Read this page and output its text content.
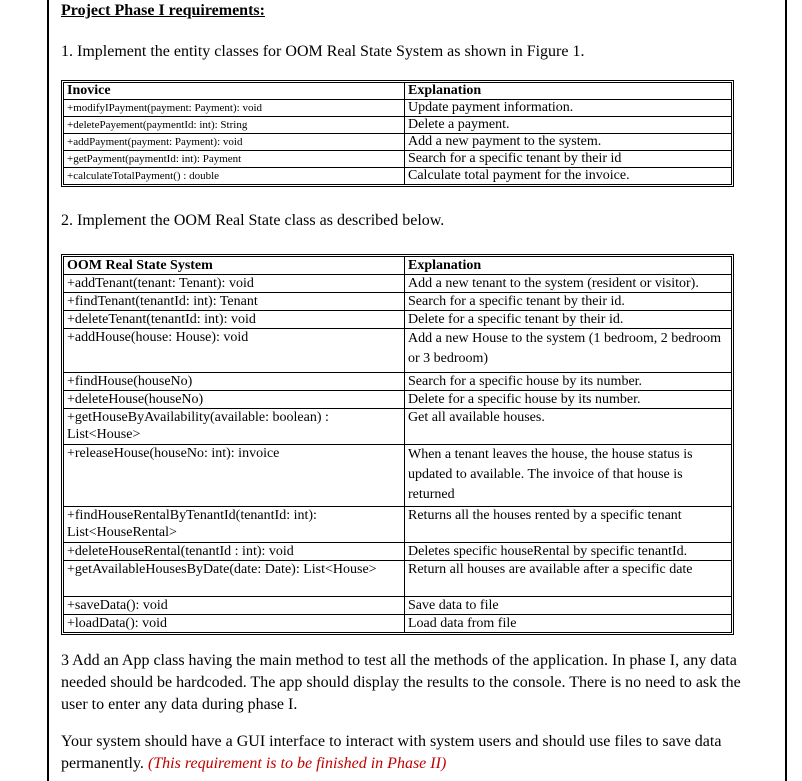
Project Phase I requirements:
1. Implement the entity classes for OOM Real State System as shown in Figure 1.
Inovice	Explanation
+modifyIPayment(payment: Payment): void	Update payment information.
+deletePayement(paymentId: int): String	Delete a payment.
+addPayment(payment: Payment): void	Add a new payment to the system.
+getPayment(paymentId: int): Payment	Search for a specific tenant by their id
+calculateTotalPayment() : double	Calculate total payment for the invoice.
2. Implement the OOM Real State class as described below.
OOM Real State System	Explanation
+addTenant(tenant: Tenant): void	Add a new tenant to the system (resident or visitor).
+findTenant(tenantId: int): Tenant	Search for a specific tenant by their id.
+deleteTenant(tenantId: int): void	Delete for a specific tenant by their id.
+addHouse(house: House): void	Add a new House to the system (1 bedroom, 2 bedroom or 3 bedroom)
+findHouse(houseNo)	Search for a specific house by its number.
+deleteHouse(houseNo)	Delete for a specific house by its number.
+getHouseByAvailability(available: boolean) : List<House>	Get all available houses.
+releaseHouse(houseNo: int): invoice	When a tenant leaves the house, the house status is updated to available. The invoice of that house is returned
+findHouseRentalByTenantId(tenantId: int): List<HouseRental>	Returns all the houses rented by a specific tenant
+deleteHouseRental(tenantId : int): void	Deletes specific houseRental by specific tenantId.
+getAvailableHousesByDate(date: Date): List<House>	Return all houses are available after a specific date
+saveData(): void	Save data to file
+loadData(): void	Load data from file
3 Add an App class having the main method to test all the methods of the application. In phase I, any data needed should be hardcoded. The app should display the results to the console. There is no need to ask the user to enter any data during phase I.
Your system should have a GUI interface to interact with system users and should use files to save data permanently. (This requirement is to be finished in Phase II)
